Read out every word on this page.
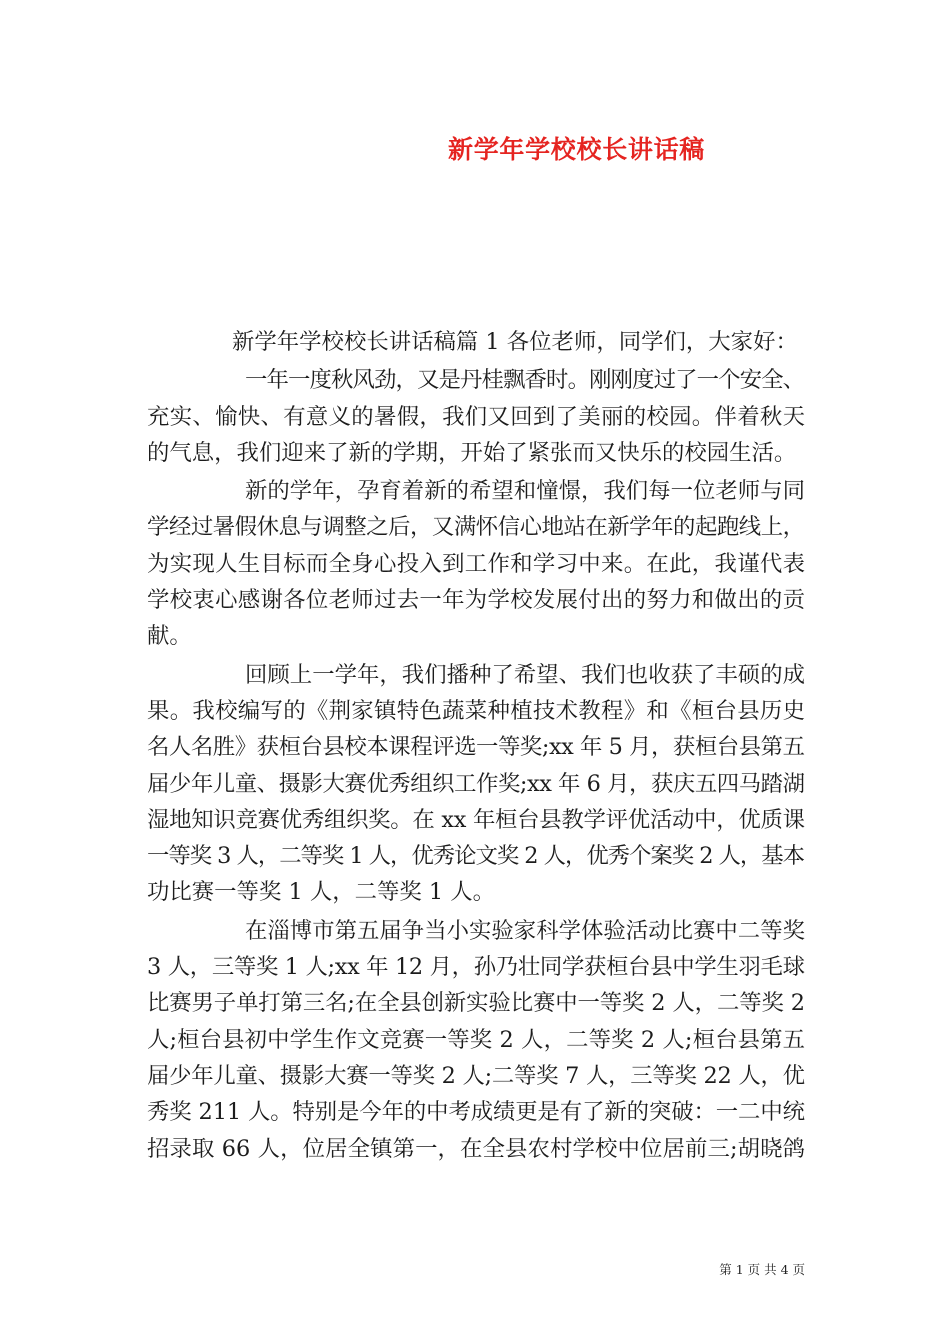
新学年学校校长讲话稿
新学年学校校长讲话稿篇 1 各位老师，同学们，大家好：
一年一度秋风劲，又是丹桂飘香时。刚刚度过了一个安全、
充实、愉快、有意义的暑假，我们又回到了美丽的校园。伴着秋天
的气息，我们迎来了新的学期，开始了紧张而又快乐的校园生活。
新的学年，孕育着新的希望和憧憬，我们每一位老师与同
学经过暑假休息与调整之后，又满怀信心地站在新学年的起跑线上，
为实现人生目标而全身心投入到工作和学习中来。在此，我谨代表
学校衷心感谢各位老师过去一年为学校发展付出的努力和做出的贡
献。
回顾上一学年，我们播种了希望、我们也收获了丰硕的成
果。我校编写的《荆家镇特色蔬菜种植技术教程》和《桓台县历史
名人名胜》获桓台县校本课程评选一等奖;xx 年 5 月，获桓台县第五
届少年儿童、摄影大赛优秀组织工作奖;xx 年 6 月，获庆五四马踏湖
湿地知识竞赛优秀组织奖。在 xx 年桓台县教学评优活动中，优质课
一等奖 3 人，二等奖 1 人，优秀论文奖 2 人，优秀个案奖 2 人，基本
功比赛一等奖 1 人，二等奖 1 人。
在淄博市第五届争当小实验家科学体验活动比赛中二等奖
3 人，三等奖 1 人;xx 年 12 月，孙乃壮同学获桓台县中学生羽毛球
比赛男子单打第三名;在全县创新实验比赛中一等奖 2 人，二等奖 2
人;桓台县初中学生作文竞赛一等奖 2 人，二等奖 2 人;桓台县第五
届少年儿童、摄影大赛一等奖 2 人;二等奖 7 人，三等奖 22 人，优
秀奖 211 人。特别是今年的中考成绩更是有了新的突破：一二中统
招录取 66 人，位居全镇第一，在全县农村学校中位居前三;胡晓鸽
第 1 页 共 4 页
